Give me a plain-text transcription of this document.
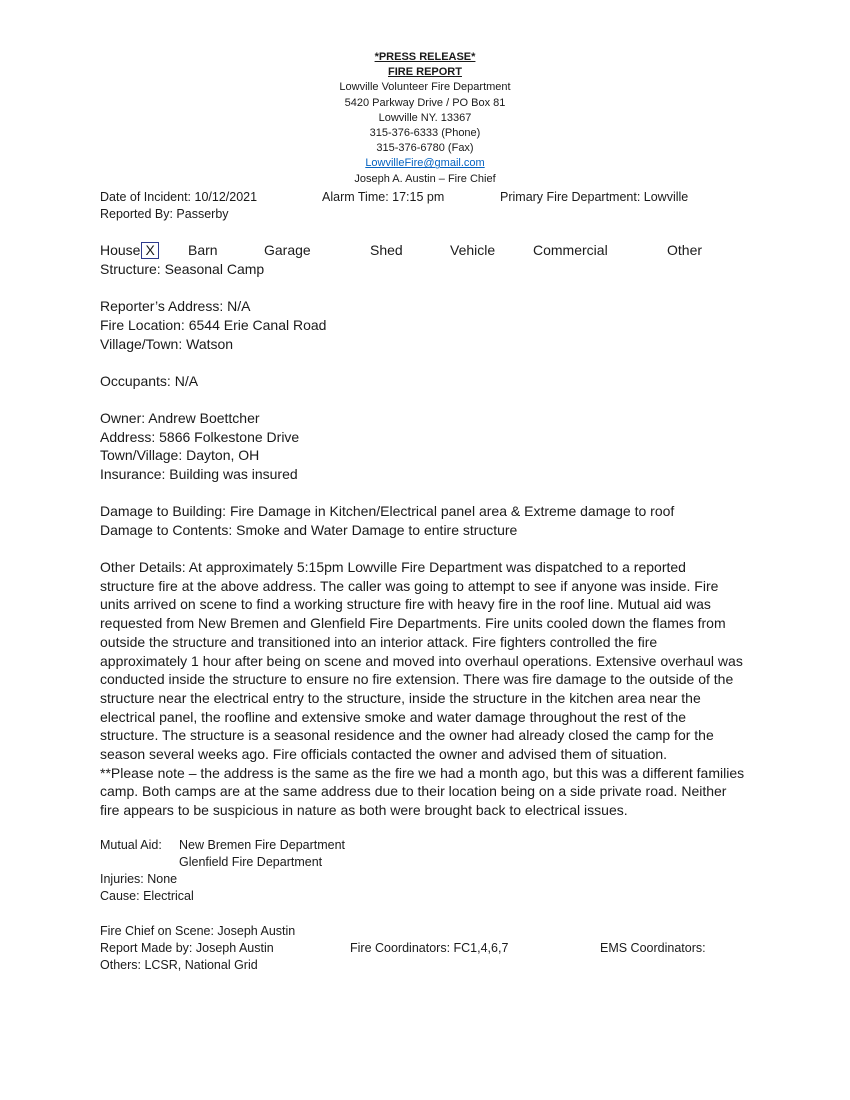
*PRESS RELEASE*
FIRE REPORT
Lowville Volunteer Fire Department
5420 Parkway Drive / PO Box 81
Lowville NY. 13367
315-376-6333 (Phone)
315-376-6780 (Fax)
LowvilleFire@gmail.com
Joseph A. Austin – Fire Chief
Date of Incident: 10/12/2021	Alarm Time: 17:15 pm	Primary Fire Department: Lowville
Reported By: Passerby
House X Barn	Garage	Shed	Vehicle	Commercial	Other
Structure: Seasonal Camp
Reporter’s Address: N/A
Fire Location: 6544 Erie Canal Road
Village/Town: Watson
Occupants: N/A
Owner: Andrew Boettcher
Address: 5866 Folkestone Drive
Town/Village: Dayton, OH
Insurance: Building was insured
Damage to Building: Fire Damage in Kitchen/Electrical panel area & Extreme damage to roof
Damage to Contents: Smoke and Water Damage to entire structure
Other Details: At approximately 5:15pm Lowville Fire Department was dispatched to a reported
structure fire at the above address. The caller was going to attempt to see if anyone was inside. Fire
units arrived on scene to find a working structure fire with heavy fire in the roof line. Mutual aid was
requested from New Bremen and Glenfield Fire Departments. Fire units cooled down the flames from
outside the structure and transitioned into an interior attack. Fire fighters controlled the fire
approximately 1 hour after being on scene and moved into overhaul operations. Extensive overhaul was
conducted inside the structure to ensure no fire extension. There was fire damage to the outside of the
structure near the electrical entry to the structure, inside the structure in the kitchen area near the
electrical panel, the roofline and extensive smoke and water damage throughout the rest of the
structure. The structure is a seasonal residence and the owner had already closed the camp for the
season several weeks ago. Fire officials contacted the owner and advised them of situation.
**Please note – the address is the same as the fire we had a month ago, but this was a different families
camp. Both camps are at the same address due to their location being on a side private road. Neither
fire appears to be suspicious in nature as both were brought back to electrical issues.
Mutual Aid: New Bremen Fire Department
Glenfield Fire Department
Injuries: None
Cause: Electrical
Fire Chief on Scene: Joseph Austin
Report Made by: Joseph Austin	Fire Coordinators: FC1,4,6,7	EMS Coordinators:
Others: LCSR, National Grid
